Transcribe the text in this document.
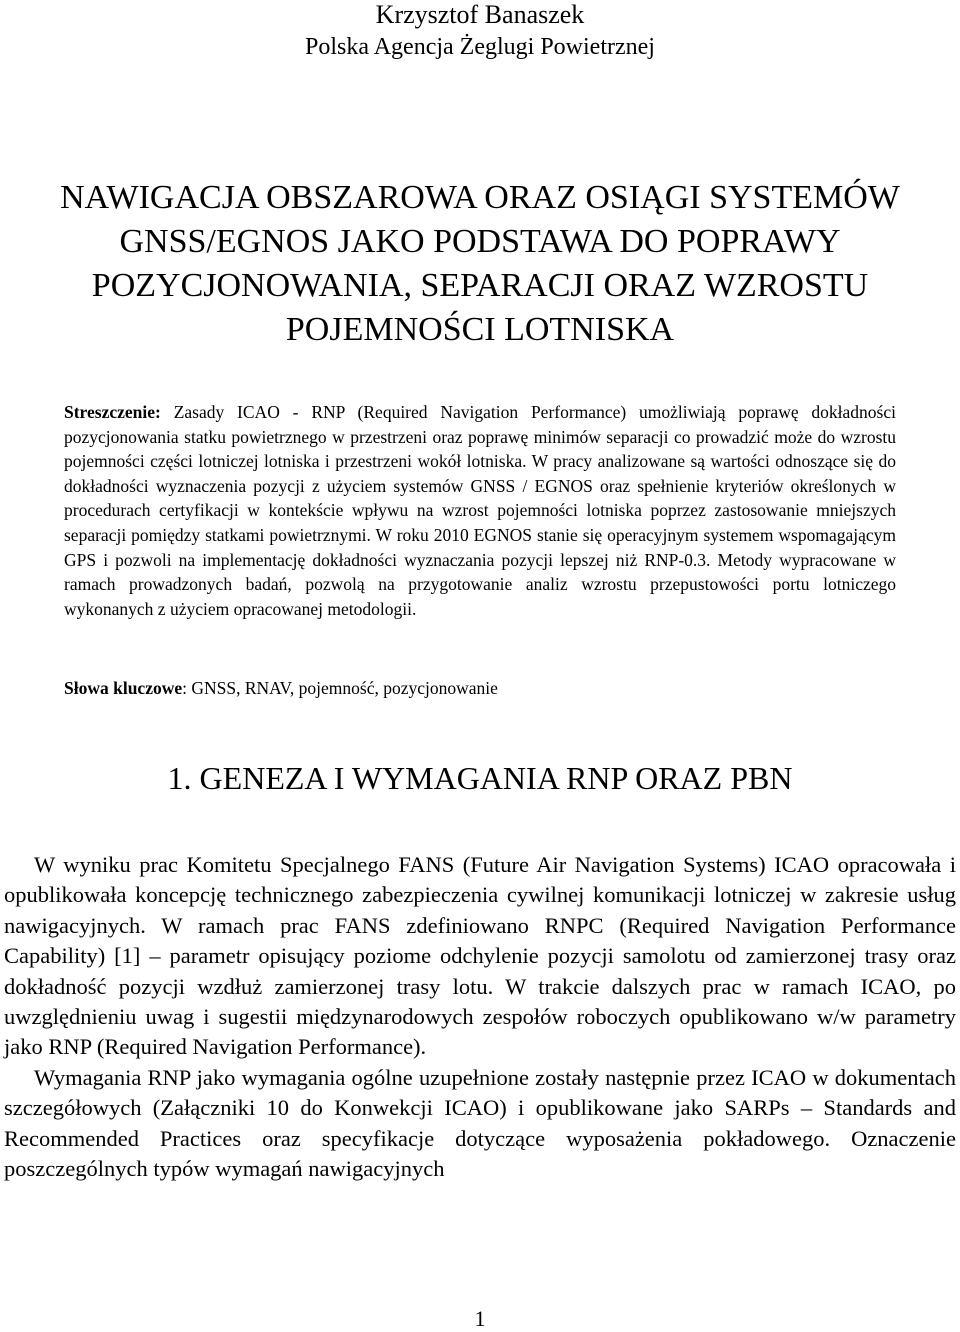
Krzysztof Banaszek
Polska Agencja Żeglugi Powietrznej
NAWIGACJA OBSZAROWA ORAZ OSIĄGI SYSTEMÓW GNSS/EGNOS JAKO PODSTAWA DO POPRAWY POZYCJONOWANIA, SEPARACJI ORAZ WZROSTU POJEMNOŚCI LOTNISKA
Streszczenie: Zasady ICAO - RNP (Required Navigation Performance) umożliwiają poprawę dokładności pozycjonowania statku powietrznego w przestrzeni oraz poprawę minimów separacji co prowadzić może do wzrostu pojemności części lotniczej lotniska i przestrzeni wokół lotniska. W pracy analizowane są wartości odnoszące się do dokładności wyznaczenia pozycji z użyciem systemów GNSS / EGNOS oraz spełnienie kryteriów określonych w procedurach certyfikacji w kontekście wpływu na wzrost pojemności lotniska poprzez zastosowanie mniejszych separacji pomiędzy statkami powietrznymi. W roku 2010 EGNOS stanie się operacyjnym systemem wspomagającym GPS i pozwoli na implementację dokładności wyznaczania pozycji lepszej niż RNP-0.3. Metody wypracowane w ramach prowadzonych badań, pozwolą na przygotowanie analiz wzrostu przepustowości portu lotniczego wykonanych z użyciem opracowanej metodologii.
Słowa kluczowe: GNSS, RNAV, pojemność, pozycjonowanie
1. GENEZA I WYMAGANIA RNP ORAZ PBN

W wyniku prac Komitetu Specjalnego FANS (Future Air Navigation Systems) ICAO opracowała i opublikowała koncepcję technicznego zabezpieczenia cywilnej komunikacji lotniczej w zakresie usług nawigacyjnych. W ramach prac FANS zdefiniowano RNPC (Required Navigation Performance Capability) [1] – parametr opisujący poziome odchylenie pozycji samolotu od zamierzonej trasy oraz dokładność pozycji wzdłuż zamierzonej trasy lotu. W trakcie dalszych prac w ramach ICAO, po uwzględnieniu uwag i sugestii międzynarodowych zespołów roboczych opublikowano w/w parametry jako RNP (Required Navigation Performance).

Wymagania RNP jako wymagania ogólne uzupełnione zostały następnie przez ICAO w dokumentach szczegółowych (Załączniki 10 do Konwekcji ICAO) i opublikowane jako SARPs – Standards and Recommended Practices oraz specyfikacje dotyczące wyposażenia pokładowego. Oznaczenie poszczególnych typów wymagań nawigacyjnych

1
